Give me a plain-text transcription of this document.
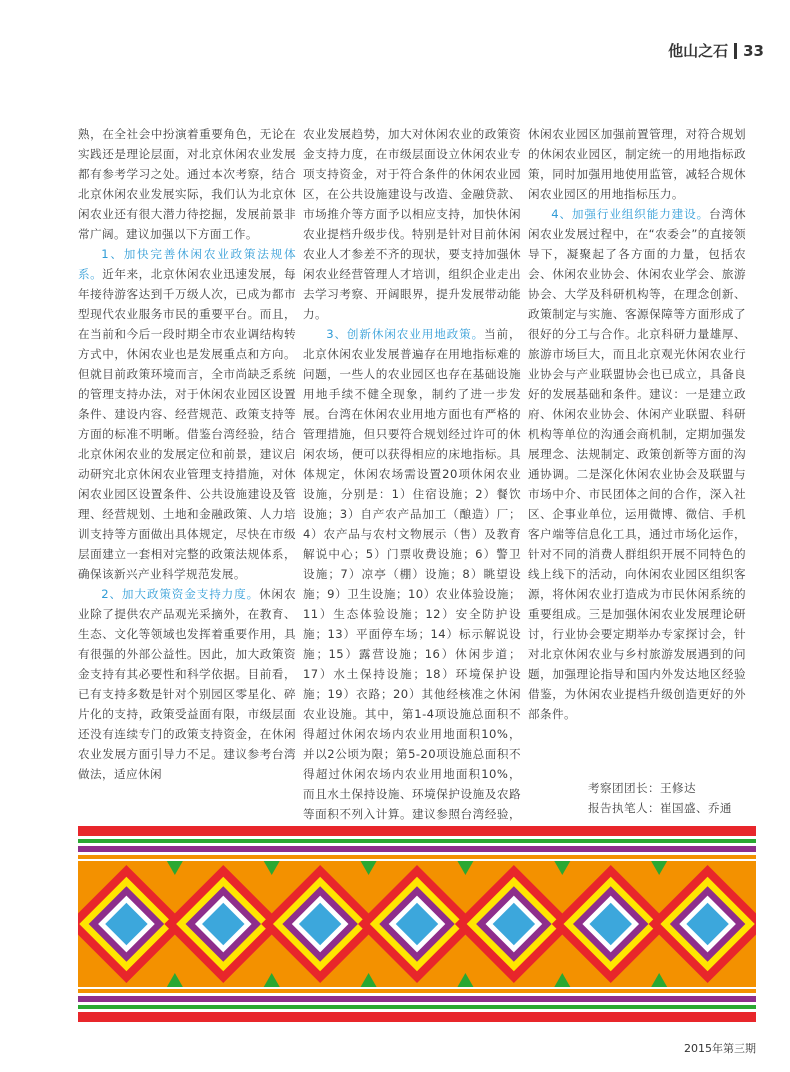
他山之石 33

熟，在全社会中扮演着重要角色，无论在实践还是理论层面，对北京休闲农业发展都有参考学习之处。通过本次考察，结合北京休闲农业发展实际，我们认为北京休闲农业还有很大潜力待挖掘，发展前景非常广阔。建议加强以下方面工作。

1、加快完善休闲农业政策法规体系。近年来，北京休闲农业迅速发展，每年接待游客达到千万级人次，已成为都市型现代农业服务市民的重要平台。而且，在当前和今后一段时期全市农业调结构转方式中，休闲农业也是发展重点和方向。但就目前政策环境而言，全市尚缺乏系统的管理支持办法，对于休闲农业园区设置条件、建设内容、经营规范、政策支持等方面的标准不明晰。借鉴台湾经验，结合北京休闲农业的发展定位和前景，建议启动研究北京休闲农业管理支持措施，对休闲农业园区设置条件、公共设施建设及管理、经营规划、土地和金融政策、人力培训支持等方面做出具体规定，尽快在市级层面建立一套相对完整的政策法规体系，确保该新兴产业科学规范发展。

2、加大政策资金支持力度。休闲农业除了提供农产品观光采摘外，在教育、生态、文化等领域也发挥着重要作用，具有很强的外部公益性。因此，加大政策资金支持有其必要性和科学依据。目前看，已有支持多数是针对个别园区零星化、碎片化的支持，政策受益面有限，市级层面还没有连续专门的政策支持资金，在休闲农业发展方面引导力不足。建议参考台湾做法，适应休闲

农业发展趋势，加大对休闲农业的政策资金支持力度，在市级层面设立休闲农业专项支持资金，对于符合条件的休闲农业园区，在公共设施建设与改造、金融贷款、市场推介等方面予以相应支持，加快休闲农业提档升级步伐。特别是针对目前休闲农业人才参差不齐的现状，要支持加强休闲农业经营管理人才培训，组织企业走出去学习考察、开阔眼界，提升发展带动能力。

3、创新休闲农业用地政策。当前，北京休闲农业发展普遍存在用地指标难的问题，一些人的农业园区也存在基础设施用地手续不健全现象，制约了进一步发展。台湾在休闲农业用地方面也有严格的管理措施，但只要符合规划经过许可的休闲农场，便可以获得相应的床地指标。具体规定，休闲农场需设置20项休闲农业设施，分别是：1）住宿设施；2）餐饮设施；3）自产农产品加工（酿造）厂；4）农产品与农村文物展示（售）及教育解说中心；5）门票收费设施；6）警卫设施；7）凉亭（棚）设施；8）眺望设施；9）卫生设施；10）农业体验设施；11）生态体验设施；12）安全防护设施；13）平面停车场；14）标示解说设施；15）露营设施；16）休闲步道；17）水土保持设施；18）环境保护设施；19）衣路；20）其他经核准之休闲农业设施。其中，第1-4项设施总面积不得超过休闲农场内农业用地面积10%，并以2公顷为限；第5-20项设施总面积不得超过休闲农场内农业用地面积10%，而且水土保持设施、环境保护设施及农路等面积不列入计算。建议参照台湾经验，

休闲农业园区加强前置管理，对符合规划的休闲农业园区，制定统一的用地指标政策，同时加强用地使用监管，减轻合规休闲农业园区的用地指标压力。

4、加强行业组织能力建设。台湾休闲农业发展过程中，在“农委会”的直接领导下，凝聚起了各方面的力量，包括农会、休闲农业协会、休闲农业学会、旅游协会、大学及科研机构等，在理念创新、政策制定与实施、客源保障等方面形成了很好的分工与合作。北京科研力量雄厚、旅游市场巨大，而且北京观光休闲农业行业协会与产业联盟协会也已成立，具备良好的发展基础和条件。建议：一是建立政府、休闲农业协会、休闲产业联盟、科研机构等单位的沟通会商机制，定期加强发展理念、法规制定、政策创新等方面的沟通协调。二是深化休闲农业协会及联盟与市场中介、市民团体之间的合作，深入社区、企事业单位，运用微博、微信、手机客户端等信息化工具，通过市场化运作，针对不同的消费人群组织开展不同特色的线上线下的活动，向休闲农业园区组织客源，将休闲农业打造成为市民休闲系统的重要组成。三是加强休闲农业发展理论研讨，行业协会要定期举办专家探讨会，针对北京休闲农业与乡村旅游发展遇到的问题，加强理论指导和国内外发达地区经验借鉴，为休闲农业提档升级创造更好的外部条件。

考察团团长：王修达
报告执笔人：崔国盛、乔通
2015年第三期
